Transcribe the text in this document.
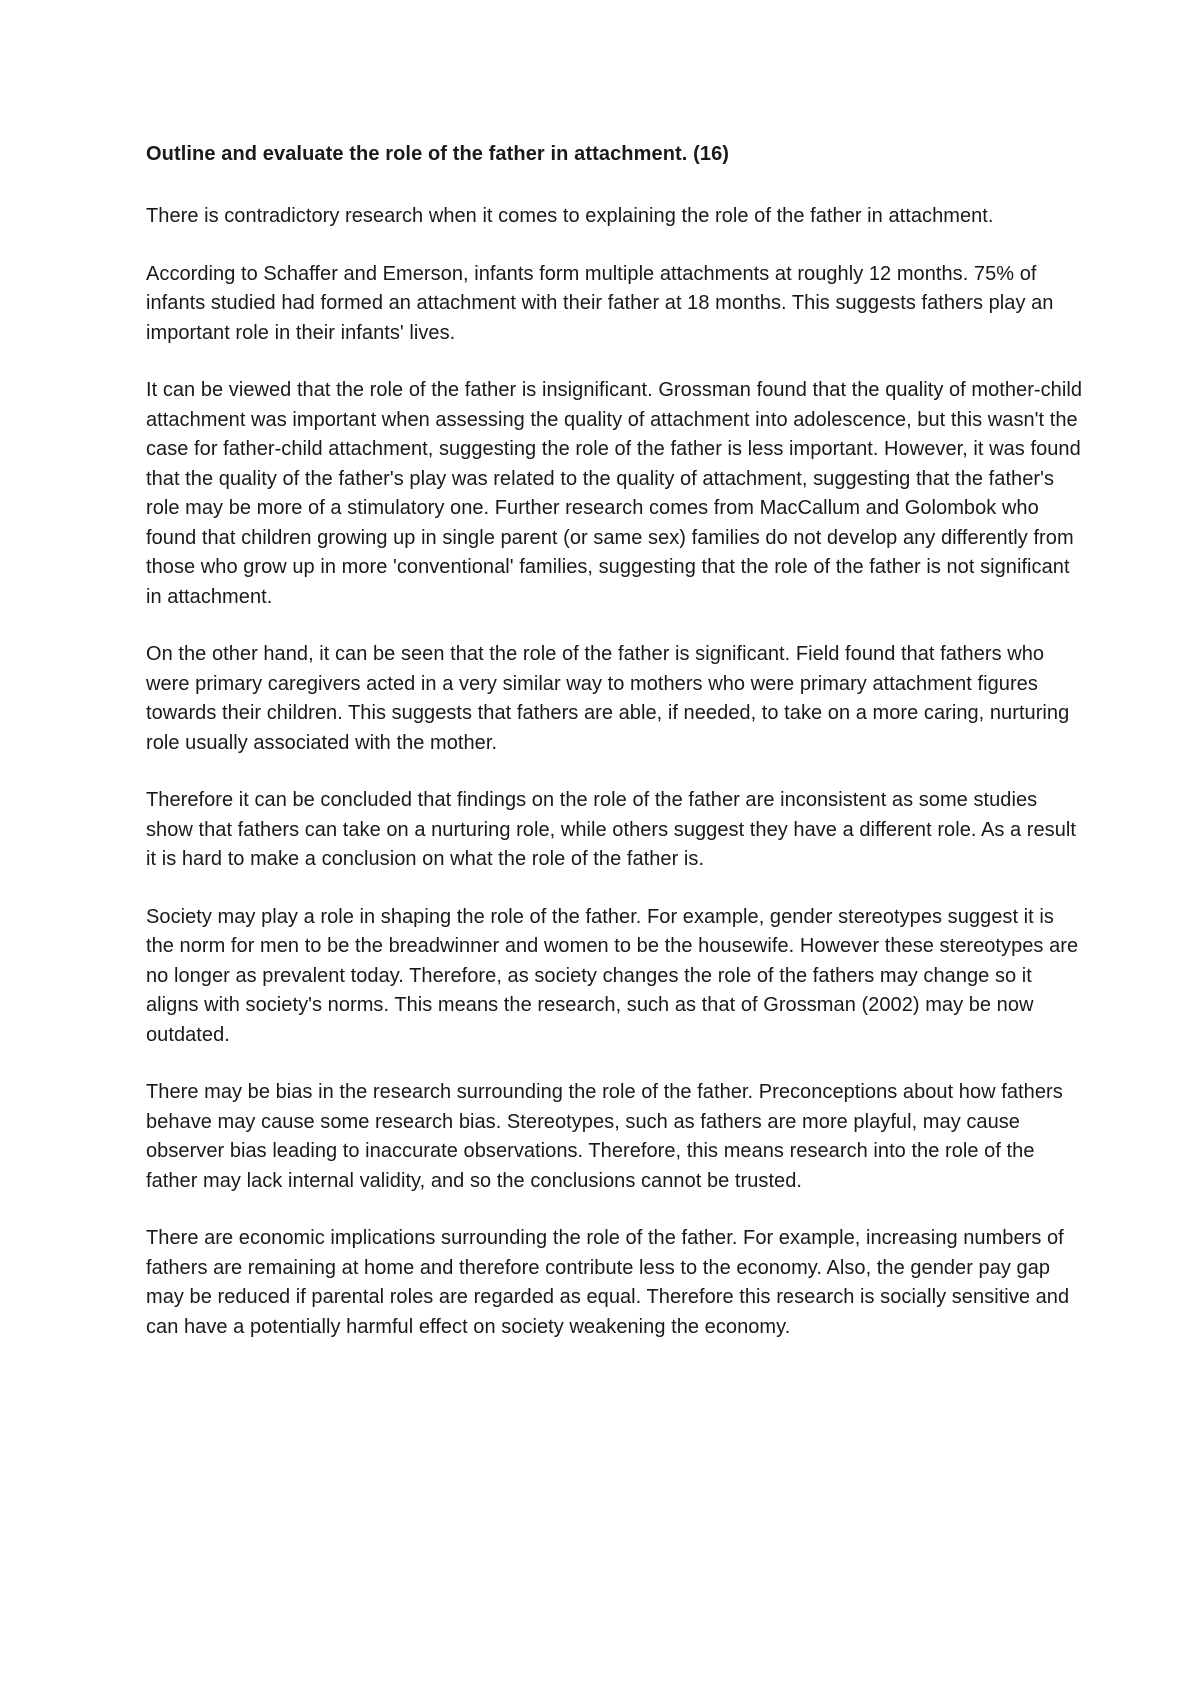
Outline and evaluate the role of the father in attachment. (16)

There is contradictory research when it comes to explaining the role of the father in attachment.

According to Schaffer and Emerson, infants form multiple attachments at roughly 12 months. 75% of infants studied had formed an attachment with their father at 18 months. This suggests fathers play an important role in their infants' lives.

It can be viewed that the role of the father is insignificant. Grossman found that the quality of mother-child attachment was important when assessing the quality of attachment into adolescence, but this wasn't the case for father-child attachment, suggesting the role of the father is less important. However, it was found that the quality of the father's play was related to the quality of attachment, suggesting that the father's role may be more of a stimulatory one. Further research comes from MacCallum and Golombok who found that children growing up in single parent (or same sex) families do not develop any differently from those who grow up in more 'conventional' families, suggesting that the role of the father is not significant in attachment.

On the other hand, it can be seen that the role of the father is significant. Field found that fathers who were primary caregivers acted in a very similar way to mothers who were primary attachment figures towards their children. This suggests that fathers are able, if needed, to take on a more caring, nurturing role usually associated with the mother.

Therefore it can be concluded that findings on the role of the father are inconsistent as some studies show that fathers can take on a nurturing role, while others suggest they have a different role. As a result it is hard to make a conclusion on what the role of the father is.

Society may play a role in shaping the role of the father. For example, gender stereotypes suggest it is the norm for men to be the breadwinner and women to be the housewife. However these stereotypes are no longer as prevalent today. Therefore, as society changes the role of the fathers may change so it aligns with society's norms. This means the research, such as that of Grossman (2002) may be now outdated.

There may be bias in the research surrounding the role of the father. Preconceptions about how fathers behave may cause some research bias. Stereotypes, such as fathers are more playful, may cause observer bias leading to inaccurate observations. Therefore, this means research into the role of the father may lack internal validity, and so the conclusions cannot be trusted.

There are economic implications surrounding the role of the father. For example, increasing numbers of fathers are remaining at home and therefore contribute less to the economy. Also, the gender pay gap may be reduced if parental roles are regarded as equal. Therefore this research is socially sensitive and can have a potentially harmful effect on society weakening the economy.
